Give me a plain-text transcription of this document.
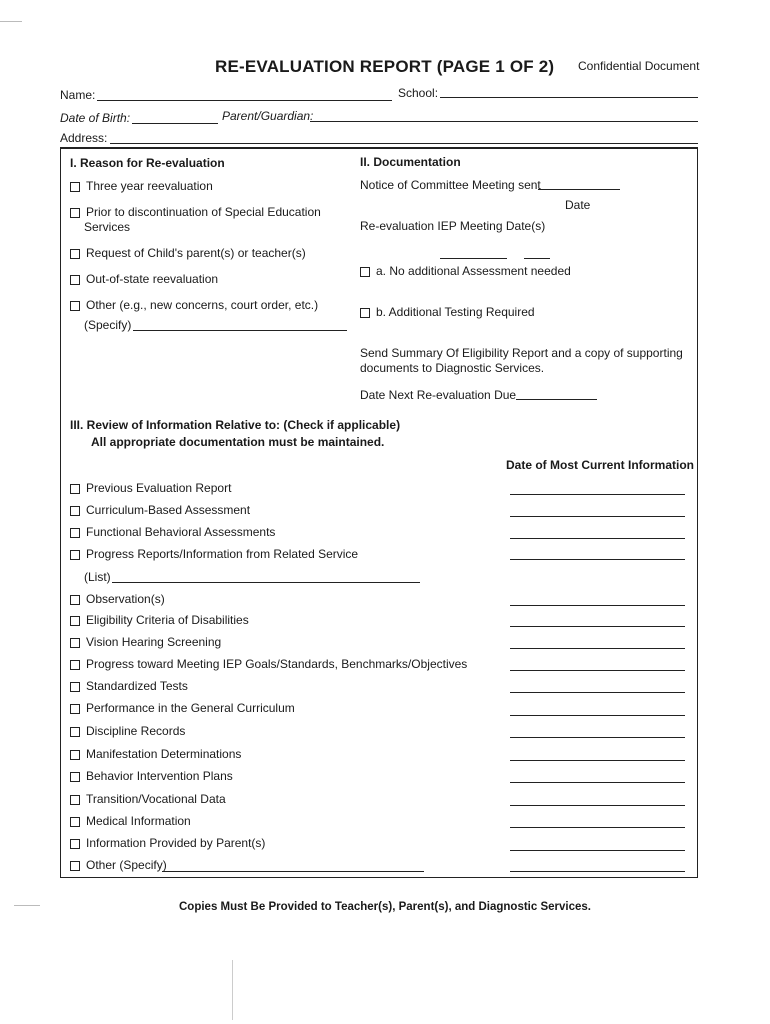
RE-EVALUATION REPORT (PAGE 1 OF 2) Confidential Document
Name:	School:
Date of Birth:	Parent/Guardian:
Address:
I. Reason for Re-evaluation
Three year reevaluation
Prior to discontinuation of Special Education
Services
Request of Child's parent(s) or teacher(s)
Out-of-state reevaluation
Other (e.g., new concerns, court order, etc.)
(Specify)
II. Documentation
Notice of Committee Meeting sent
Date
Re-evaluation IEP Meeting Date(s)
a. No additional Assessment needed
b. Additional Testing Required
Send Summary Of Eligibility Report and a copy of supporting
documents to Diagnostic Services.
Date Next Re-evaluation Due
III. Review of Information Relative to: (Check if applicable)
All appropriate documentation must be maintained.
Date of Most Current Information
Previous Evaluation Report
Curriculum-Based Assessment
Functional Behavioral Assessments
Progress Reports/Information from Related Service
(List)
Observation(s)
Eligibility Criteria of Disabilities
Vision Hearing Screening
Progress toward Meeting IEP Goals/Standards, Benchmarks/Objectives
Standardized Tests
Performance in the General Curriculum
Discipline Records
Manifestation Determinations
Behavior Intervention Plans
Transition/Vocational Data
Medical Information
Information Provided by Parent(s)
Other (Specify)
Copies Must Be Provided to Teacher(s), Parent(s), and Diagnostic Services.
